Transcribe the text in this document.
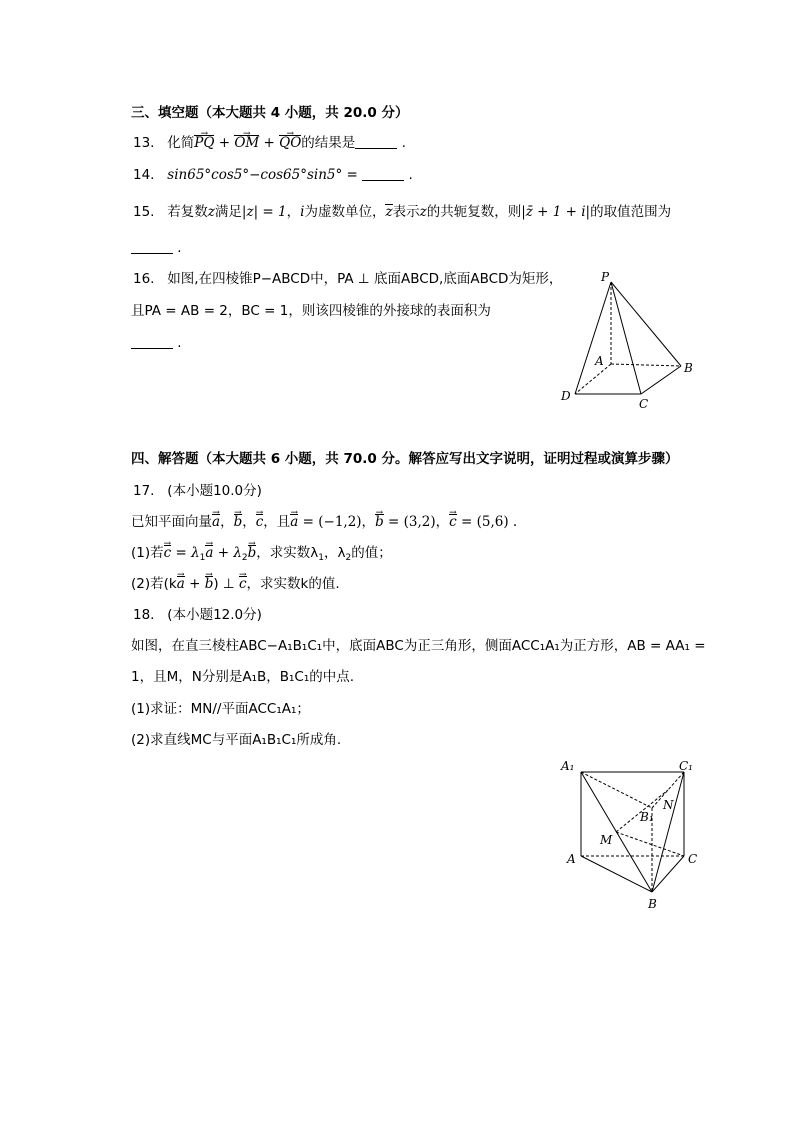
三、填空题（本大题共 4 小题，共 20.0 分）
13. 化简PQ → + OM → + QO →的结果是	.
14. sin65°cos5°−cos65°sin5° =	.
15. 若复数z满足|z| = 1，i为虚数单位，z表示z的共轭复数，则|z̄ + 1 + i|的取值范围为
.
16. 如图,在四棱锥P−ABCD中，PA ⊥ 底面ABCD,底面ABCD为矩形，
且PA = AB = 2，BC = 1，则该四棱锥的外接球的表面积为
.
P
A	B
C
D
四、解答题（本大题共 6 小题，共 70.0 分。解答应写出文字说明，证明过程或演算步骤）
17. (本小题10.0分)
已知平面向量a →，b →，c →，且a → = (−1,2)，b → = (3,2)，c → = (5,6) .
(1)若c → = $\lambda_1a$ → + $\lambda_2b$ →，求实数$\lambda_1$，$\lambda_2$的值；
(2)若(ka → + b →) ⊥ c →，求实数k的值.
18. (本小题12.0分)
如图，在直三棱柱ABC−A₁B₁C₁中，底面ABC为正三角形，侧面ACC₁A₁为正方形，AB = AA₁ =
1，且M，N分别是A₁B，B₁C₁的中点.
(1)求证：MN//平面ACC₁A₁；
(2)求直线MC与平面A₁B₁C₁所成角.
A₁	C₁
N
B₁
M
A	C
B
